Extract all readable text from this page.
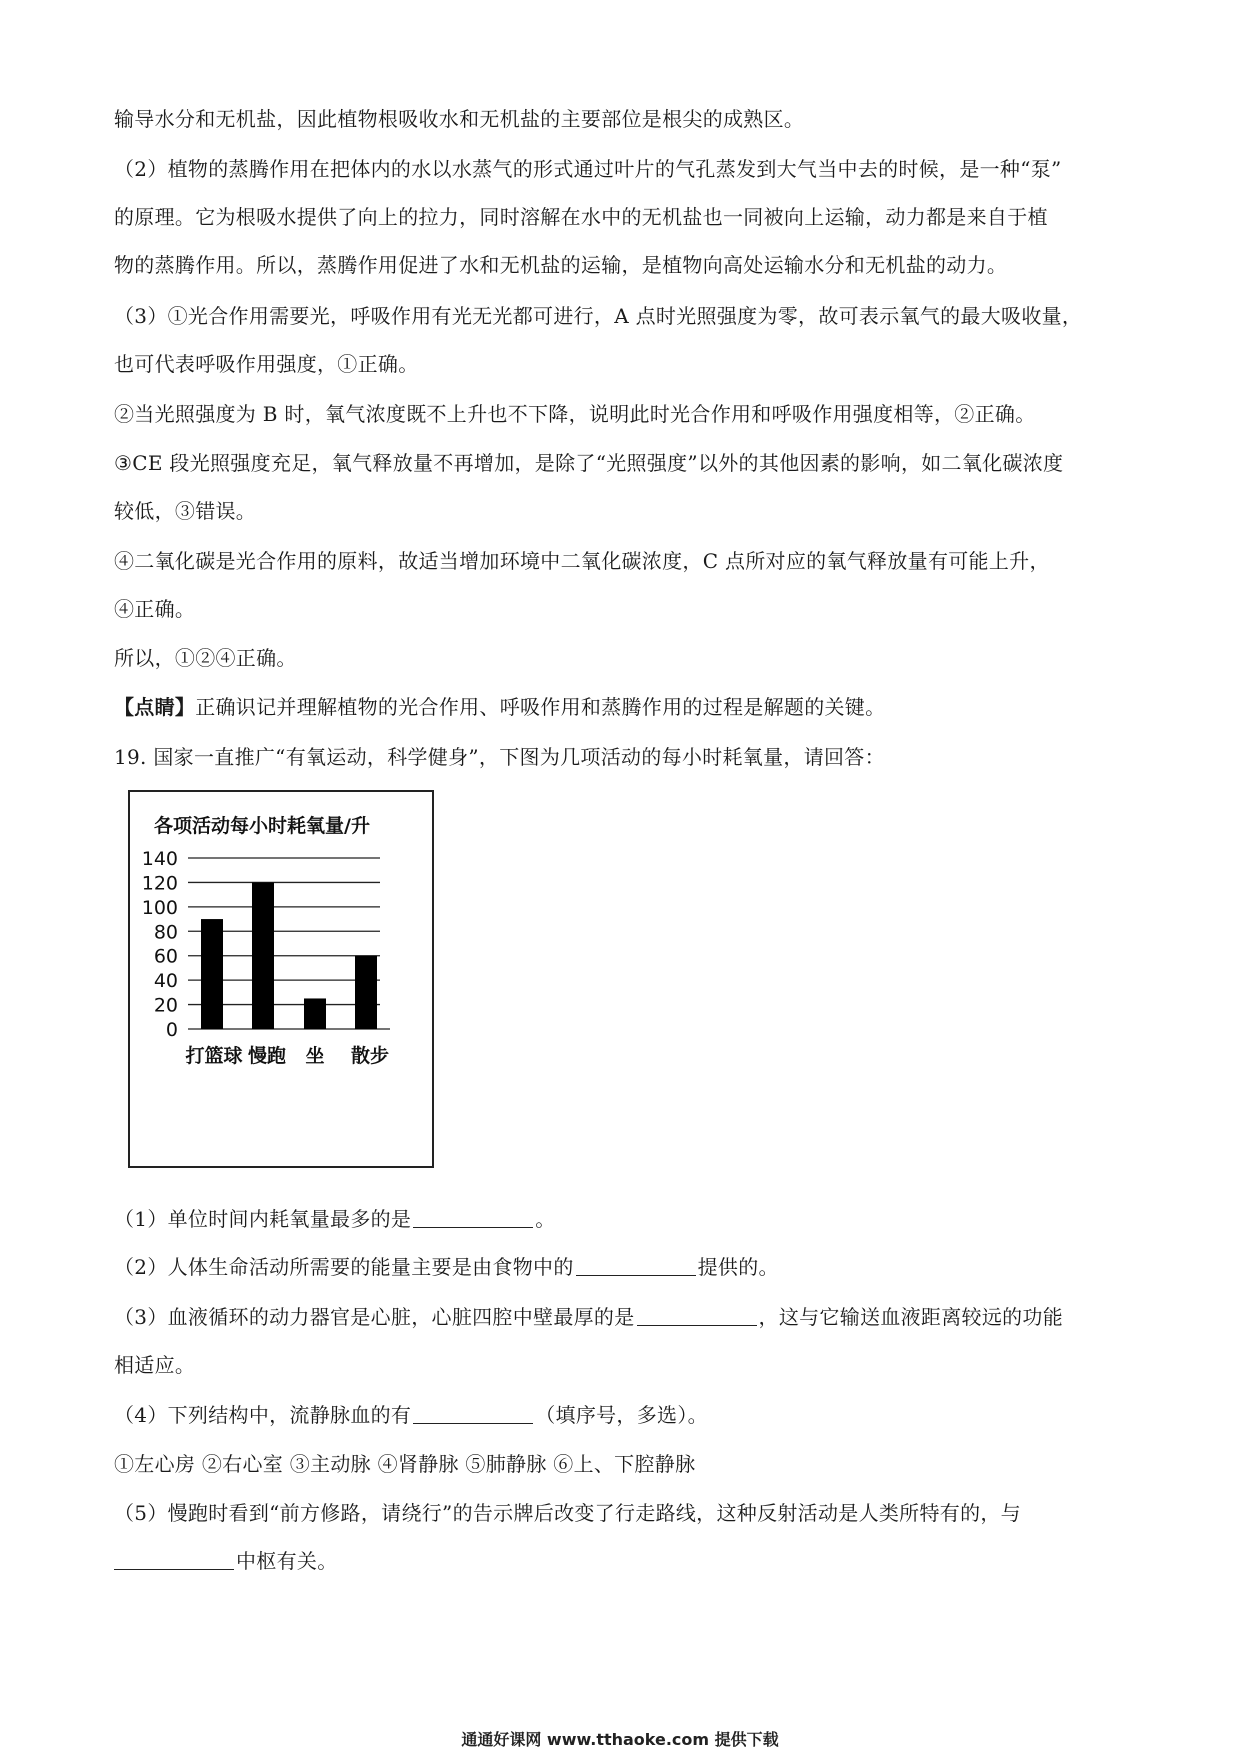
输导水分和无机盐，因此植物根吸收水和无机盐的主要部位是根尖的成熟区。
（2）植物的蒸腾作用在把体内的水以水蒸气的形式通过叶片的气孔蒸发到大气当中去的时候，是一种“泵”
的原理。它为根吸水提供了向上的拉力，同时溶解在水中的无机盐也一同被向上运输，动力都是来自于植
物的蒸腾作用。所以，蒸腾作用促进了水和无机盐的运输，是植物向高处运输水分和无机盐的动力。
（3）①光合作用需要光，呼吸作用有光无光都可进行，A 点时光照强度为零，故可表示氧气的最大吸收量，
也可代表呼吸作用强度，①正确。
②当光照强度为 B 时，氧气浓度既不上升也不下降，说明此时光合作用和呼吸作用强度相等，②正确。
③CE 段光照强度充足，氧气释放量不再增加，是除了“光照强度”以外的其他因素的影响，如二氧化碳浓度
较低，③错误。
④二氧化碳是光合作用的原料，故适当增加环境中二氧化碳浓度，C 点所对应的氧气释放量有可能上升，
④正确。
所以，①②④正确。
【点睛】正确识记并理解植物的光合作用、呼吸作用和蒸腾作用的过程是解题的关键。
19. 国家一直推广“有氧运动，科学健身”，下图为几项活动的每小时耗氧量，请回答：
各项活动每小时耗氧量/升
0
20
40
60
80
100
120
140
打篮球 慢跑 坐 散步
（1）单位时间内耗氧量最多的是	。
（2）人体生命活动所需要的能量主要是由食物中的	提供的。
（3）血液循环的动力器官是心脏，心脏四腔中壁最厚的是	，这与它输送血液距离较远的功能
相适应。
（4）下列结构中，流静脉血的有	（填序号，多选）。
①左心房 ②右心室 ③主动脉 ④肾静脉 ⑤肺静脉 ⑥上、下腔静脉
（5）慢跑时看到“前方修路，请绕行”的告示牌后改变了行走路线，这种反射活动是人类所特有的，与
中枢有关。
通通好课网 www.tthaoke.com 提供下载
